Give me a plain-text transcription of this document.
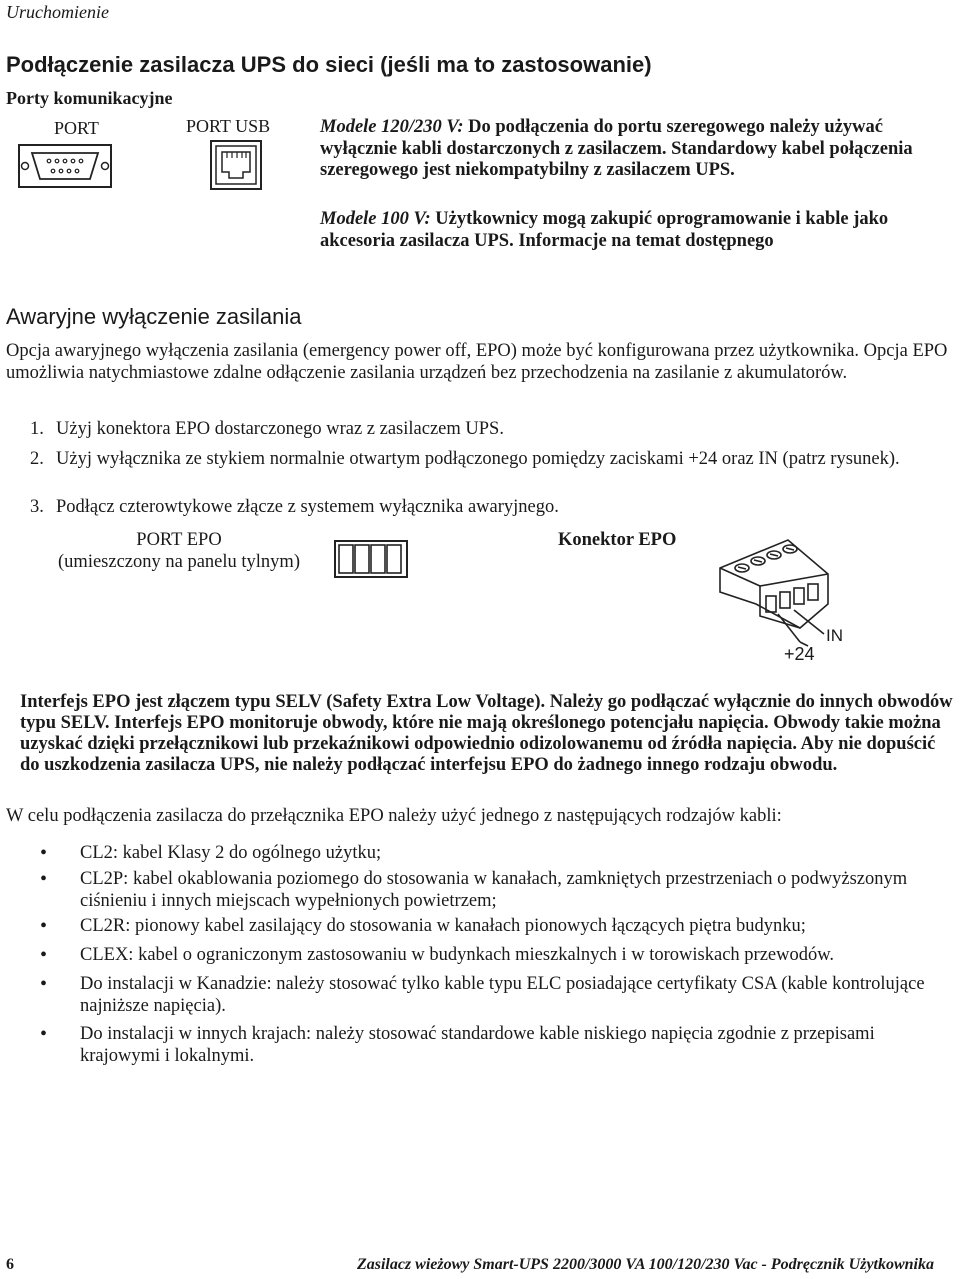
Uruchomienie
Podłączenie zasilacza UPS do sieci (jeśli ma to zastosowanie)
Porty komunikacyjne
PORT	PORT USB	Modele 120/230 V: Do podłączenia do portu szeregowego należy używać wyłącznie kabli dostarczonych z zasilaczem. Standardowy kabel połączenia szeregowego jest niekompatybilny z zasilaczem UPS.
Modele 100 V: Użytkownicy mogą zakupić oprogramowanie i kable jako akcesoria zasilacza UPS. Informacje na temat dostępnego
Awaryjne wyłączenie zasilania
Opcja awaryjnego wyłączenia zasilania (emergency power off, EPO) może być konfigurowana przez użytkownika. Opcja EPO umożliwia natychmiastowe zdalne odłączenie zasilania urządzeń bez przechodzenia na zasilanie z akumulatorów.
1. Użyj konektora EPO dostarczonego wraz z zasilaczem UPS.
2. Użyj wyłącznika ze stykiem normalnie otwartym podłączonego pomiędzy zaciskami +24 oraz IN (patrz rysunek).
3. Podłącz czterowtykowe złącze z systemem wyłącznika awaryjnego.
PORT EPO
(umieszczony na panelu tylnym)
Konektor EPO
IN
+24
Interfejs EPO jest złączem typu SELV (Safety Extra Low Voltage). Należy go podłączać wyłącznie do innych obwodów typu SELV. Interfejs EPO monitoruje obwody, które nie mają określonego potencjału napięcia. Obwody takie można uzyskać dzięki przełącznikowi lub przekaźnikowi odpowiednio odizolowanemu od źródła napięcia. Aby nie dopuścić do uszkodzenia zasilacza UPS, nie należy podłączać interfejsu EPO do żadnego innego rodzaju obwodu.
W celu podłączenia zasilacza do przełącznika EPO należy użyć jednego z następujących rodzajów kabli:
• CL2: kabel Klasy 2 do ogólnego użytku;
• CL2P: kabel okablowania poziomego do stosowania w kanałach, zamkniętych przestrzeniach o podwyższonym ciśnieniu i innych miejscach wypełnionych powietrzem;
• CL2R: pionowy kabel zasilający do stosowania w kanałach pionowych łączących piętra budynku;
• CLEX: kabel o ograniczonym zastosowaniu w budynkach mieszkalnych i w torowiskach przewodów.
• Do instalacji w Kanadzie: należy stosować tylko kable typu ELC posiadające certyfikaty CSA (kable kontrolujące najniższe napięcia).
• Do instalacji w innych krajach: należy stosować standardowe kable niskiego napięcia zgodnie z przepisami krajowymi i lokalnymi.
6	Zasilacz wieżowy Smart-UPS 2200/3000 VA 100/120/230 Vac - Podręcznik Użytkownika
